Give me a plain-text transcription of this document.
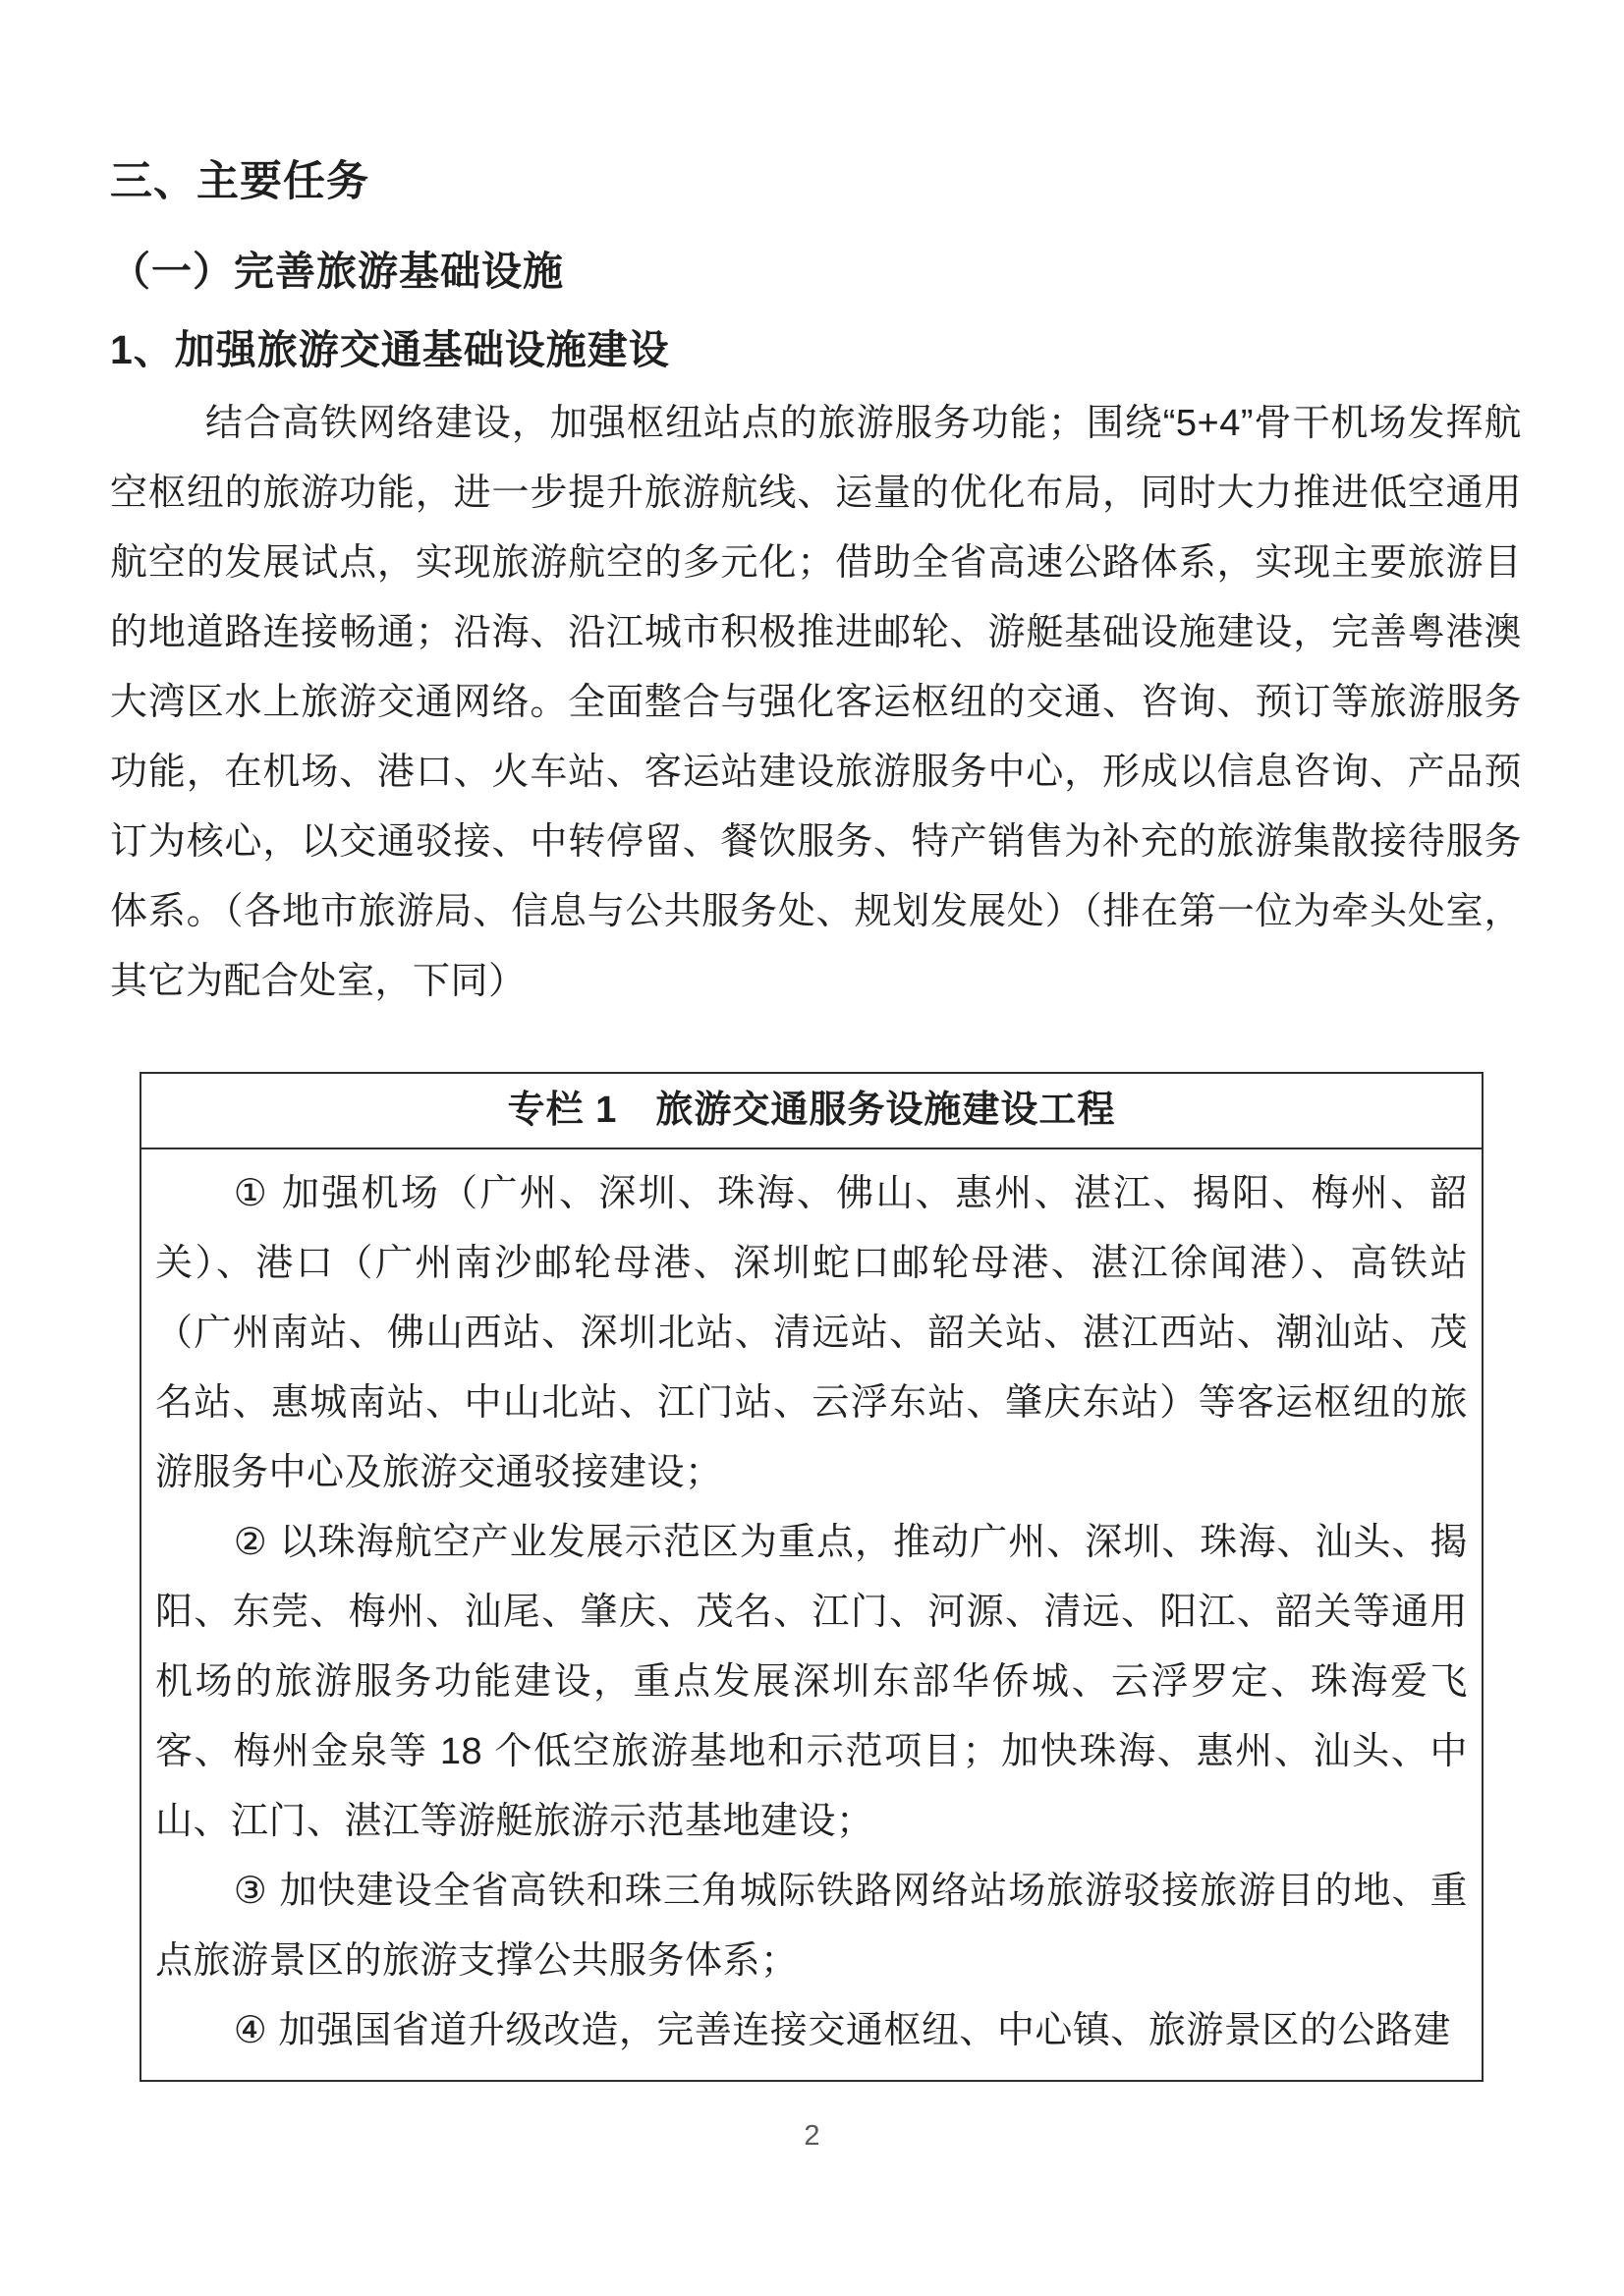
三、主要任务
（一）完善旅游基础设施
1、加强旅游交通基础设施建设

结合高铁网络建设，加强枢纽站点的旅游服务功能；围绕“5+4”骨干机场发挥航空枢纽的旅游功能，进一步提升旅游航线、运量的优化布局，同时大力推进低空通用航空的发展试点，实现旅游航空的多元化；借助全省高速公路体系，实现主要旅游目的地道路连接畅通；沿海、沿江城市积极推进邮轮、游艇基础设施建设，完善粤港澳大湾区水上旅游交通网络。全面整合与强化客运枢纽的交通、咨询、预订等旅游服务功能，在机场、港口、火车站、客运站建设旅游服务中心，形成以信息咨询、产品预订为核心，以交通驳接、中转停留、餐饮服务、特产销售为补充的旅游集散接待服务体系。（各地市旅游局、信息与公共服务处、规划发展处）（排在第一位为牵头处室，其它为配合处室，下同）

专栏 1　旅游交通服务设施建设工程

① 加强机场（广州、深圳、珠海、佛山、惠州、湛江、揭阳、梅州、韶关）、港口（广州南沙邮轮母港、深圳蛇口邮轮母港、湛江徐闻港）、高铁站（广州南站、佛山西站、深圳北站、清远站、韶关站、湛江西站、潮汕站、茂名站、惠城南站、中山北站、江门站、云浮东站、肇庆东站）等客运枢纽的旅游服务中心及旅游交通驳接建设；

② 以珠海航空产业发展示范区为重点，推动广州、深圳、珠海、汕头、揭阳、东莞、梅州、汕尾、肇庆、茂名、江门、河源、清远、阳江、韶关等通用机场的旅游服务功能建设，重点发展深圳东部华侨城、云浮罗定、珠海爱飞客、梅州金泉等 18 个低空旅游基地和示范项目；加快珠海、惠州、汕头、中山、江门、湛江等游艇旅游示范基地建设；

③ 加快建设全省高铁和珠三角城际铁路网络站场旅游驳接旅游目的地、重点旅游景区的旅游支撑公共服务体系；

④ 加强国省道升级改造，完善连接交通枢纽、中心镇、旅游景区的公路建

2
